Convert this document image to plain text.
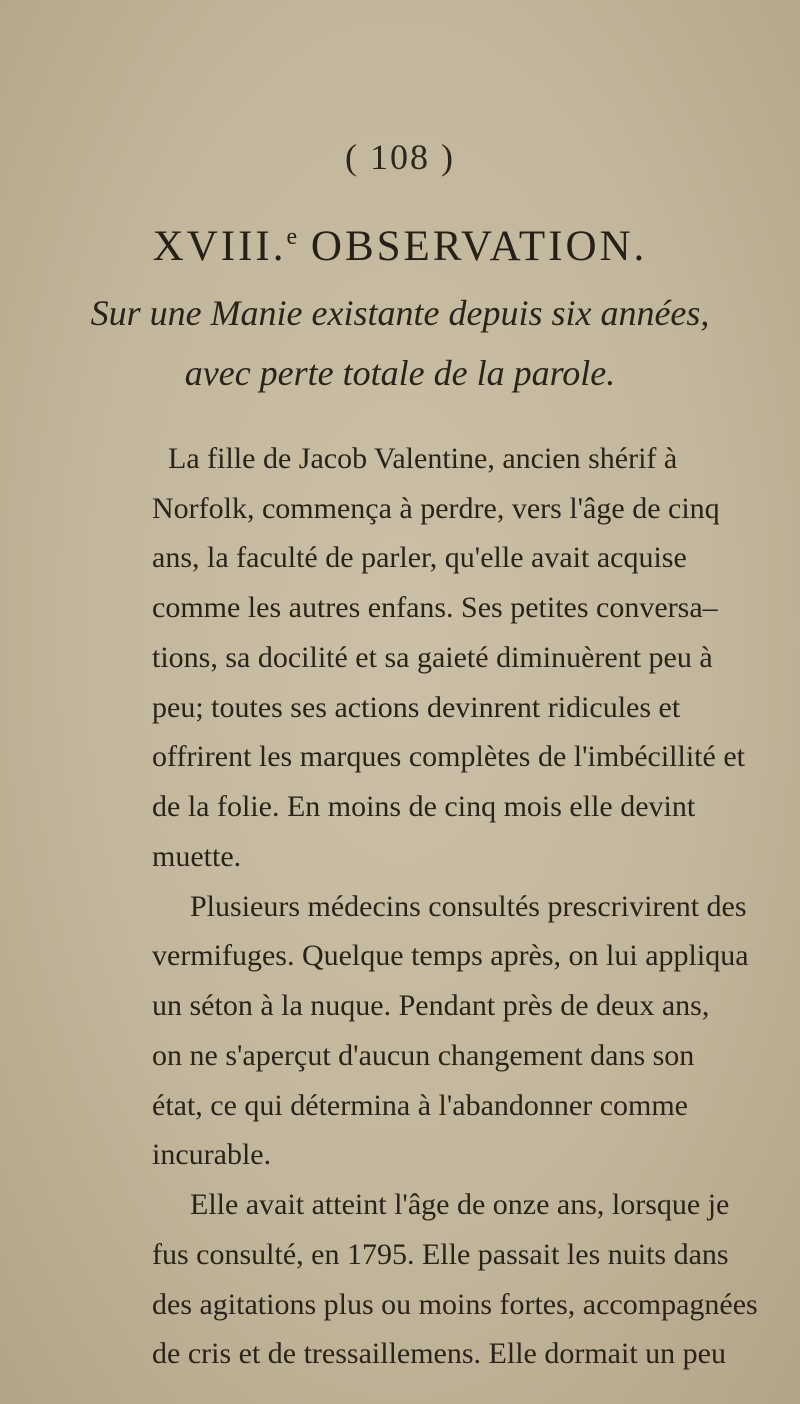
( 108 )
XVIII.$^e$ OBSERVATION.
Sur une Manie existante depuis six années,
avec perte totale de la parole.
La fille de Jacob Valentine, ancien shérif à
Norfolk, commença à perdre, vers l'âge de cinq
ans, la faculté de parler, qu'elle avait acquise
comme les autres enfans. Ses petites conversa–
tions, sa docilité et sa gaieté diminuèrent peu à
peu; toutes ses actions devinrent ridicules et
offrirent les marques complètes de l'imbécillité et
de la folie. En moins de cinq mois elle devint
muette.
Plusieurs médecins consultés prescrivirent des
vermifuges. Quelque temps après, on lui appliqua
un séton à la nuque. Pendant près de deux ans,
on ne s'aperçut d'aucun changement dans son
état, ce qui détermina à l'abandonner comme
incurable.
Elle avait atteint l'âge de onze ans, lorsque je
fus consulté, en 1795. Elle passait les nuits dans
des agitations plus ou moins fortes, accompagnées
de cris et de tressaillemens. Elle dormait un peu
